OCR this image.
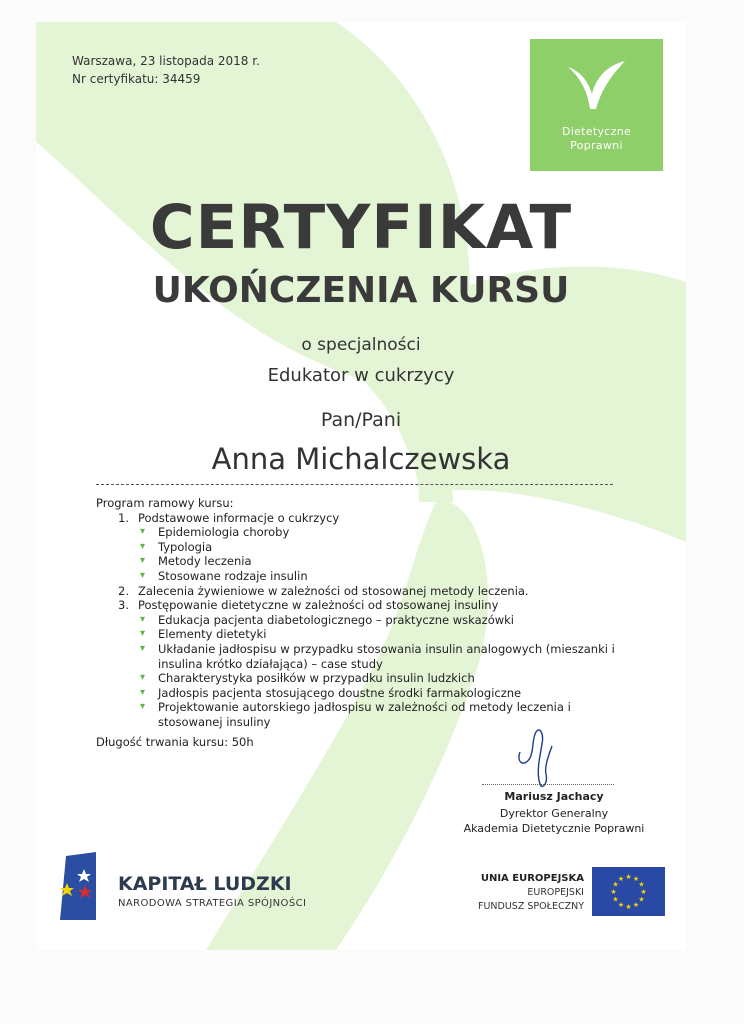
Warszawa, 23 listopada 2018 r.
Nr certyfikatu: 34459
Dietetyczne
Poprawni
CERTYFIKAT
UKOŃCZENIA KURSU
o specjalności
Edukator w cukrzycy
Pan/Pani
Anna Michalczewska
Program ramowy kursu:
1. Podstawowe informacje o cukrzycy
▾ Epidemiologia choroby
▾ Typologia
▾ Metody leczenia
▾ Stosowane rodzaje insulin
2. Zalecenia żywieniowe w zależności od stosowanej metody leczenia.
3. Postępowanie dietetyczne w zależności od stosowanej insuliny
▾ Edukacja pacjenta diabetologicznego – praktyczne wskazówki
▾ Elementy dietetyki
▾ Układanie jadłospisu w przypadku stosowania insulin analogowych (mieszanki i
insulina krótko działająca) – case study
▾ Charakterystyka posiłków w przypadku insulin ludzkich
▾ Jadłospis pacjenta stosującego doustne środki farmakologiczne
▾ Projektowanie autorskiego jadłospisu w zależności od metody leczenia i
stosowanej insuliny
Długość trwania kursu: 50h
Mariusz Jachacy
Dyrektor Generalny
Akademia Dietetycznie Poprawni
KAPITAŁ LUDZKI
NARODOWA STRATEGIA SPÓJNOŚCI
UNIA EUROPEJSKA
EUROPEJSKI
FUNDUSZ SPOŁECZNY
★
★
★
★
★
★
★
★
★ ★ ★
★
